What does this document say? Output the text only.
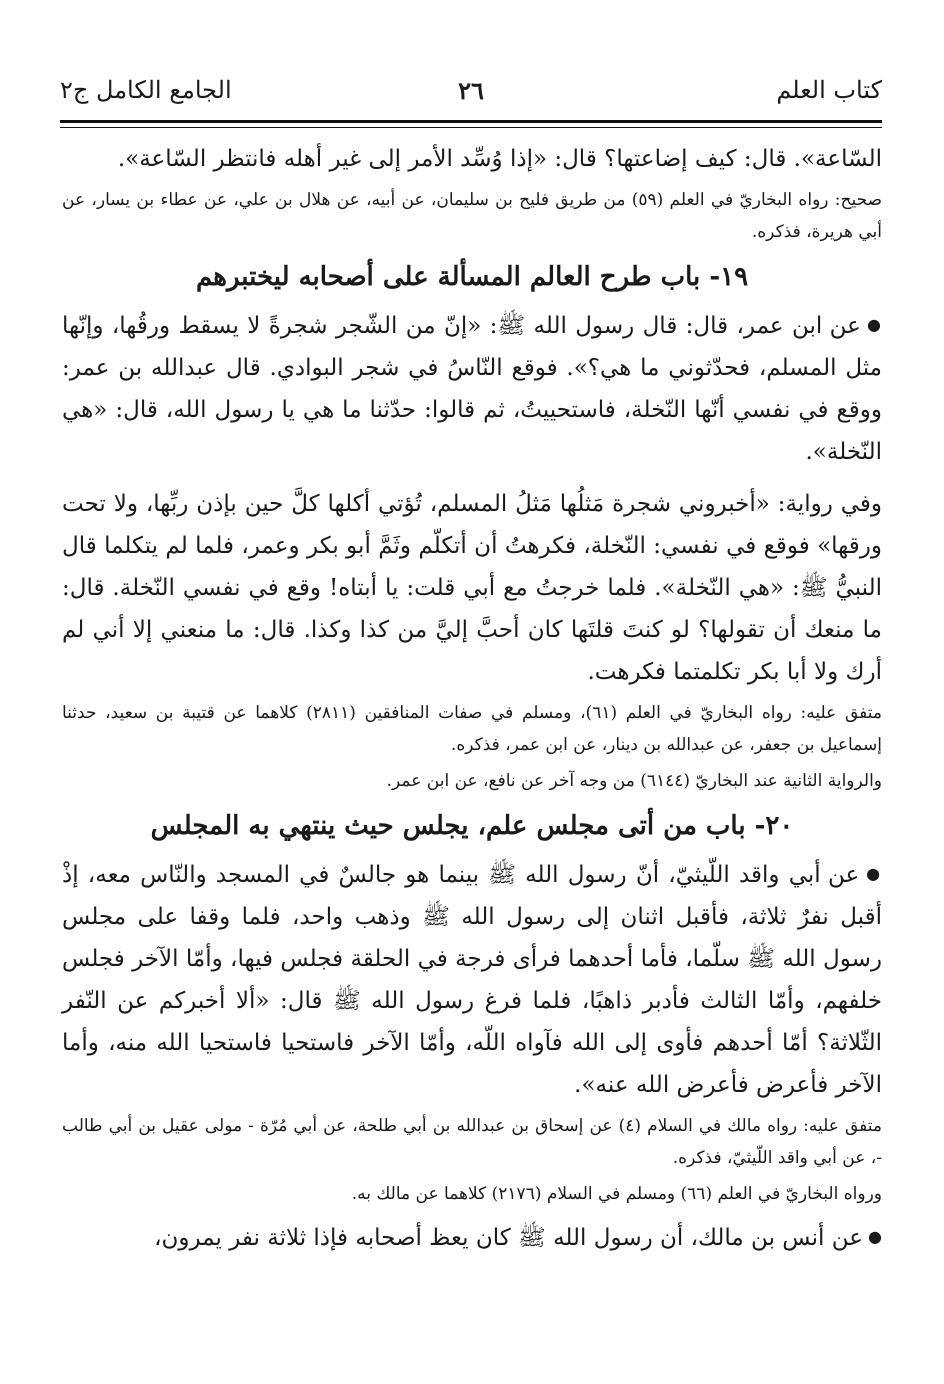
كتاب العلم
٢٦
الجامع الكامل ج٢

السّاعة». قال: كيف إضاعتها؟ قال: «إذا وُسِّد الأمر إلى غير أهله فانتظر السّاعة».

صحيح: رواه البخاريّ في العلم (٥٩) من طريق فليح بن سليمان، عن أبيه، عن هلال بن علي، عن عطاء بن يسار، عن أبي هريرة، فذكره.

١٩- باب طرح العالم المسألة على أصحابه ليختبرهم

● عن ابن عمر، قال: قال رسول الله ﷺ: «إنّ من الشّجر شجرةً لا يسقط ورقُها، وإنّها مثل المسلم، فحدّثوني ما هي؟». فوقع النّاسُ في شجر البوادي. قال عبدالله بن عمر: ووقع في نفسي أنّها النّخلة، فاستحييتُ، ثم قالوا: حدّثنا ما هي يا رسول الله، قال: «هي النّخلة».

وفي رواية: «أخبروني شجرة مَثلُها مَثلُ المسلم، تُؤتي أكلها كلَّ حين بإذن ربِّها، ولا تحت ورقها» فوقع في نفسي: النّخلة، فكرهتُ أن أتكلّم وثَمَّ أبو بكر وعمر، فلما لم يتكلما قال النبيُّ ﷺ: «هي النّخلة». فلما خرجتُ مع أبي قلت: يا أبتاه! وقع في نفسي النّخلة. قال: ما منعك أن تقولها؟ لو كنتَ قلتَها كان أحبَّ إليَّ من كذا وكذا. قال: ما منعني إلا أني لم أرك ولا أبا بكر تكلمتما فكرهت.

متفق عليه: رواه البخاريّ في العلم (٦١)، ومسلم في صفات المنافقين (٢٨١١) كلاهما عن قتيبة بن سعيد، حدثنا إسماعيل بن جعفر، عن عبدالله بن دينار، عن ابن عمر، فذكره.

والرواية الثانية عند البخاريّ (٦١٤٤) من وجه آخر عن نافع، عن ابن عمر.

٢٠- باب من أتى مجلس علم، يجلس حيث ينتهي به المجلس

● عن أبي واقد اللّيثيّ، أنّ رسول الله ﷺ بينما هو جالسٌ في المسجد والنّاس معه، إذْ أقبل نفرٌ ثلاثة، فأقبل اثنان إلى رسول الله ﷺ وذهب واحد، فلما وقفا على مجلس رسول الله ﷺ سلّما، فأما أحدهما فرأى فرجة في الحلقة فجلس فيها، وأمّا الآخر فجلس خلفهم، وأمّا الثالث فأدبر ذاهبًا، فلما فرغ رسول الله ﷺ قال: «ألا أخبركم عن النّفر الثّلاثة؟ أمّا أحدهم فأوى إلى الله فآواه اللّه، وأمّا الآخر فاستحيا فاستحيا الله منه، وأما الآخر فأعرض فأعرض الله عنه».

متفق عليه: رواه مالك في السلام (٤) عن إسحاق بن عبدالله بن أبي طلحة، عن أبي مُرّة - مولى عقيل بن أبي طالب -، عن أبي واقد اللّيثيّ، فذكره.

ورواه البخاريّ في العلم (٦٦) ومسلم في السلام (٢١٧٦) كلاهما عن مالك به.

● عن أنس بن مالك، أن رسول الله ﷺ كان يعظ أصحابه فإذا ثلاثة نفر يمرون،
